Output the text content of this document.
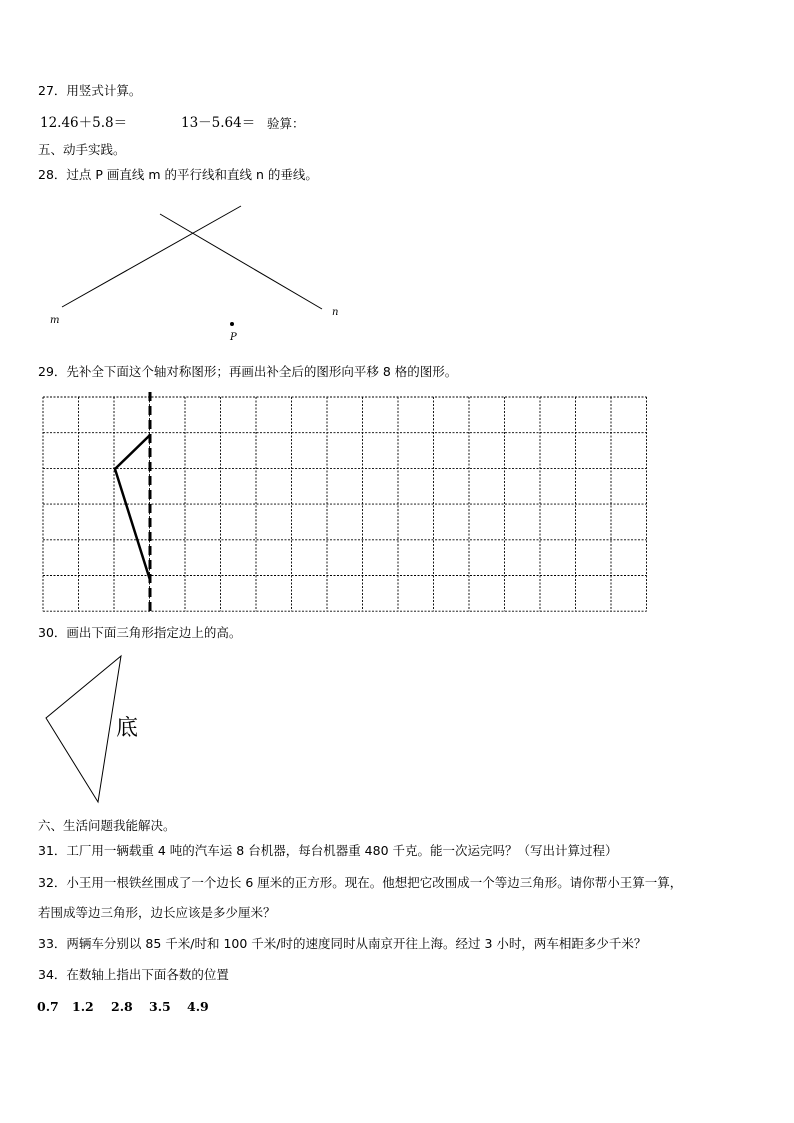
27．用竖式计算。
12.46＋5.8＝	13－5.64＝ 验算：
五、动手实践。
28．过点 P 画直线 m 的平行线和直线 n 的垂线。
m
n
P
29．先补全下面这个轴对称图形；再画出补全后的图形向平移 8 格的图形。
30．画出下面三角形指定边上的高。
底
六、生活问题我能解决。
31．工厂用一辆载重 4 吨的汽车运 8 台机器，每台机器重 480 千克。能一次运完吗？（写出计算过程）
32．小王用一根铁丝围成了一个边长 6 厘米的正方形。现在。他想把它改围成一个等边三角形。请你帮小王算一算，
若围成等边三角形，边长应该是多少厘米？
33．两辆车分别以 85 千米/时和 100 千米/时的速度同时从南京开往上海。经过 3 小时，两车相距多少千米？
34．在数轴上指出下面各数的位置
0.7 1.2 2.8 3.5 4.9
